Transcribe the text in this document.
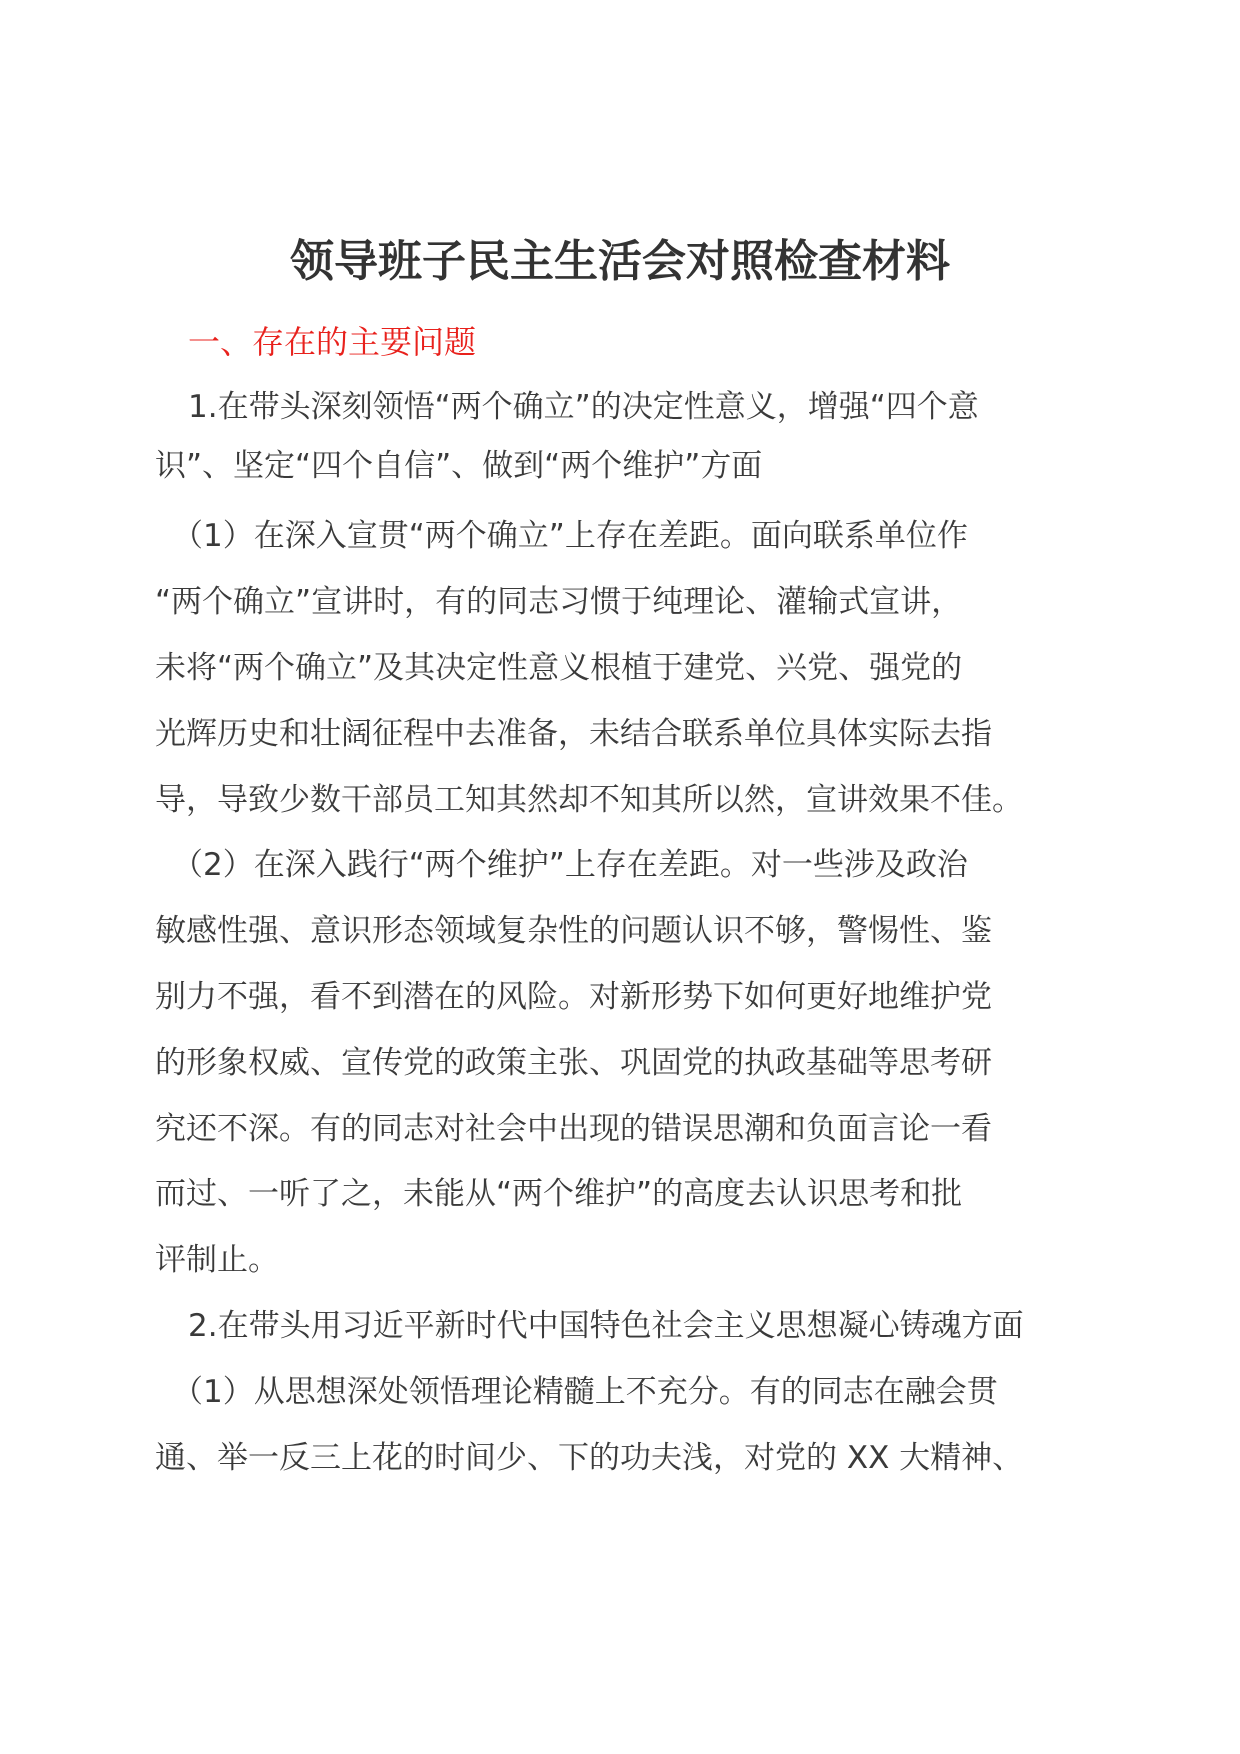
领导班子民主生活会对照检查材料

一、存在的主要问题

1.在带头深刻领悟“两个确立”的决定性意义，增强“四个意

识”、坚定“四个自信”、做到“两个维护”方面

（1）在深入宣贯“两个确立”上存在差距。面向联系单位作

“两个确立”宣讲时，有的同志习惯于纯理论、灌输式宣讲，

未将“两个确立”及其决定性意义根植于建党、兴党、强党的

光辉历史和壮阔征程中去准备，未结合联系单位具体实际去指

导，导致少数干部员工知其然却不知其所以然，宣讲效果不佳。

（2）在深入践行“两个维护”上存在差距。对一些涉及政治

敏感性强、意识形态领域复杂性的问题认识不够，警惕性、鉴

别力不强，看不到潜在的风险。对新形势下如何更好地维护党

的形象权威、宣传党的政策主张、巩固党的执政基础等思考研

究还不深。有的同志对社会中出现的错误思潮和负面言论一看

而过、一听了之，未能从“两个维护”的高度去认识思考和批

评制止。

2.在带头用习近平新时代中国特色社会主义思想凝心铸魂方面

（1）从思想深处领悟理论精髓上不充分。有的同志在融会贯

通、举一反三上花的时间少、下的功夫浅，对党的 XX 大精神、
